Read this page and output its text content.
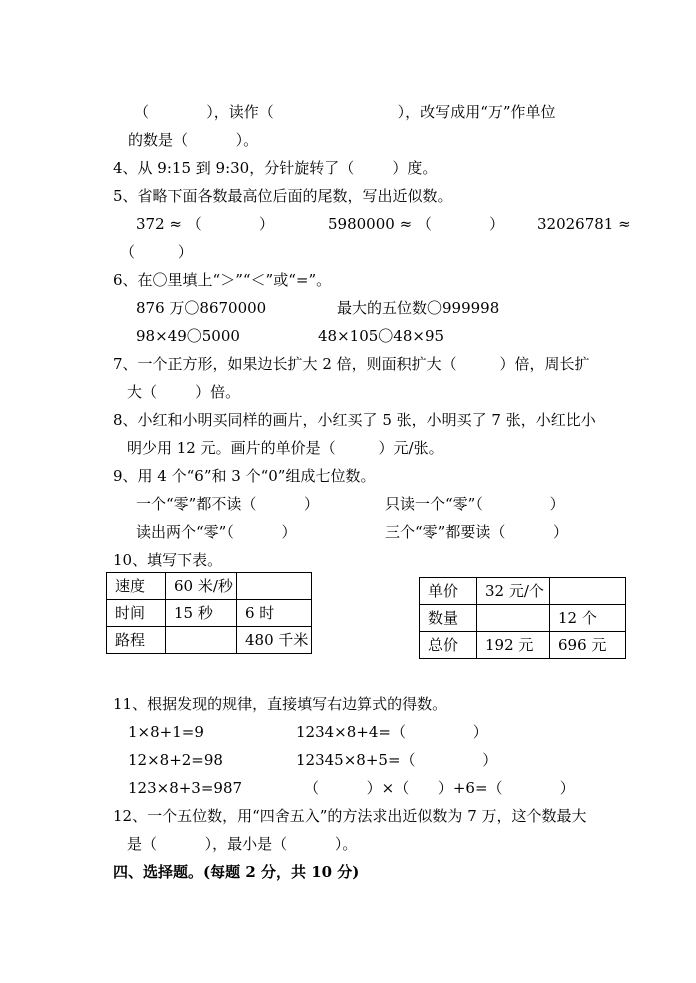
（            ），读作（                          ），改写成用“万”作单位
的数是（          ）。
4、从 9:15 到 9:30，分针旋转了（        ）度。
5、省略下面各数最高位后面的尾数，写出近似数。
372 ≈ （            ）	5980000 ≈ （            ） 32026781 ≈
（         ）
6、在〇里填上“＞”“＜”或“=”。
876 万〇8670000	最大的五位数〇999998
98×49〇5000	48×105〇48×95
7、一个正方形，如果边长扩大 2 倍，则面积扩大（         ）倍，周长扩
大（        ）倍。
8、小红和小明买同样的画片，小红买了 5 张，小明买了 7 张，小红比小
明少用 12 元。画片的单价是（         ）元/张。
9、用 4 个“6”和 3 个“0”组成七位数。
一个“零”都不读（          ）	只读一个“零”（              ）
读出两个“零”（          ）	三个“零”都要读（          ）
10、填写下表。
速度	60 米/秒	
时间	15 秒	6 时
路程		480 千米
单价	32 元/个	
数量		12 个
总价	192 元	696 元
11、根据发现的规律，直接填写右边算式的得数。
1×8+1=9	1234×8+4=（              ）
12×8+2=98	12345×8+5=（              ）
123×8+3=987	（          ）×（      ）+6=（            ）
12、一个五位数，用“四舍五入”的方法求出近似数为 7 万，这个数最大
是（          ），最小是（          ）。
四、选择题。(每题 2 分，共 10 分)
